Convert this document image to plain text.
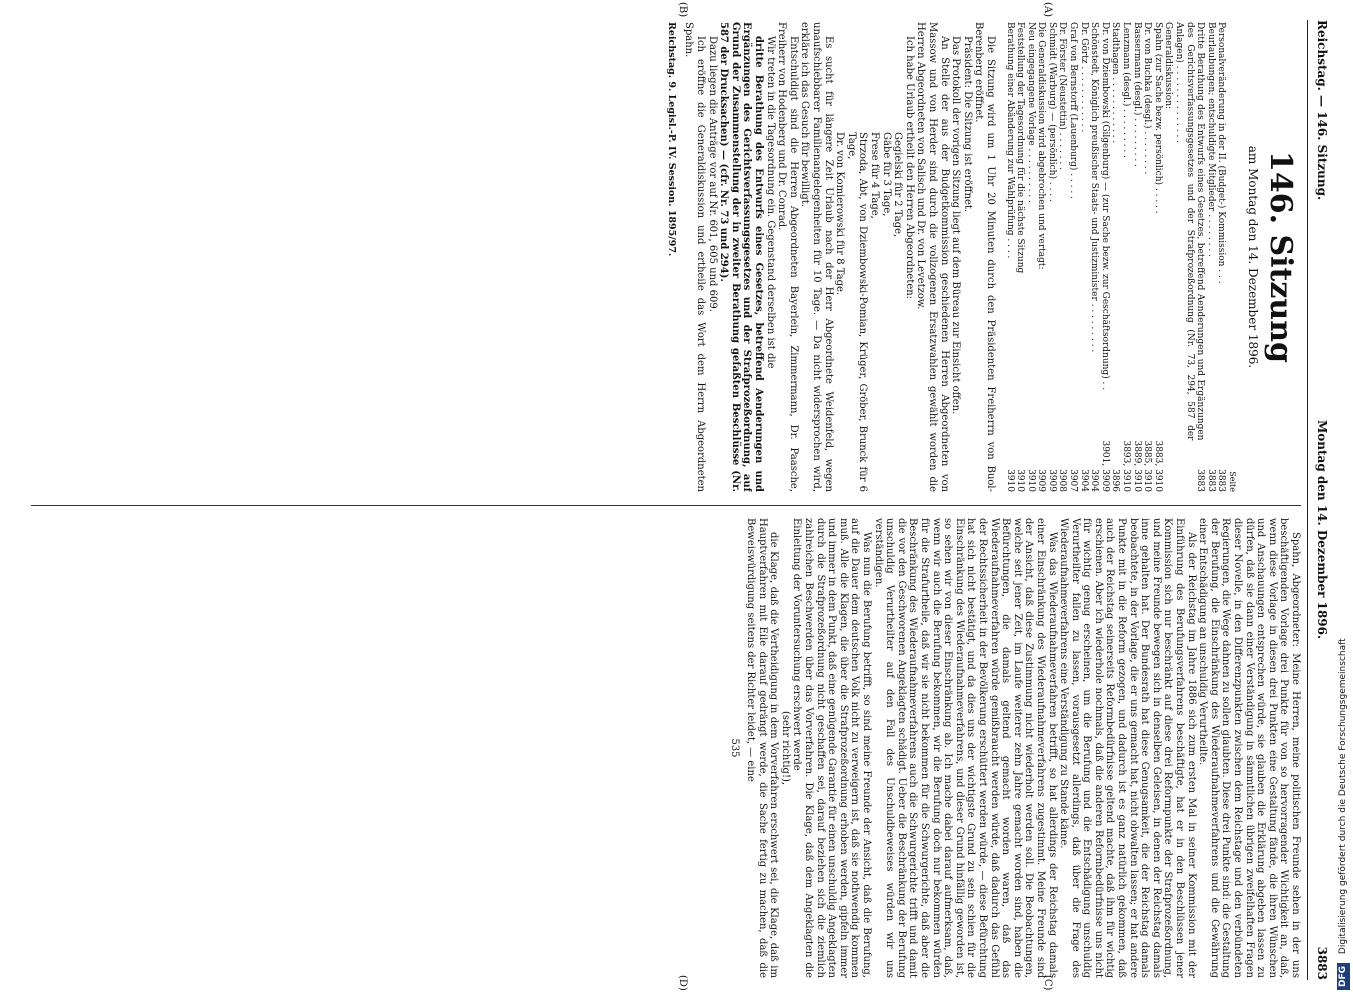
Reichstag. — 146. Sitzung.
Montag den 14. Dezember 1896.
3883
(A)
(B)
(C)
(D)
146. Sitzung
am Montag den 14. Dezember 1896.
Seite
Personalveränderung in der II. (Budget-) Kommission . . .	3883
Beurlaubungen; entschuldigte Mitglieder . . . . . . . .	3883
Dritte Berathung des Entwurfs eines Gesetzes, betreffend Aenderungen und Ergänzungen des Gerichtsverfassungsgesetzes und der Strafprozeßordnung (Nr. 73, 294, 587 der Anlagen) . . . . . . . . . . . . . .	3883
Generaldiskussion:	
Spahn (zur Sache bezw. persönlich) . . . . .	3883, 3910
Dr. von Buchka (desgl.) . . . . . . . .	3885, 3910
Bassermann (desgl.) . . . . . . . . .	3889, 3910
Lenzmann (desgl.) . . . . . . . . .	3893, 3910
Stadthagen . . . . . . . . . . . .	3896
Dr. von Dziembowski (Gilgenburg) — (zur Sache bezw. zur Geschäftsordnung) . .	3901, 3909
Schönstedt, Königlich preußischer Staats- und Justizminister . . . . . . . . .	3904
Dr. Görtz . . . . . . . . . . . .	3904
Graf von Bernstorff (Lauenburg) . . . . .	3907
Dr. Förster (Neustettin) . . . . . . .	3908
Schmidt (Warburg) — (persönlich) . . . .	3909
Die Generaldiskussion wird abgebrochen und vertagt:	3909
Neu eingegangene Vorlage . . . . . . . . . .	3910
Feststellung der Tagesordnung für die nächste Sitzung	3910
Berathung einer Abänderung zur Wahlprüfung . . . .	3910

Die Sitzung wird um 1 Uhr 20 Minuten durch den Präsidenten Freiherrn von Buol-Berenberg eröffnet.

Präsident: Die Sitzung ist eröffnet.

Das Protokoll der vorigen Sitzung liegt auf dem Büreau zur Einsicht offen.

An Stelle der aus der Budgetkommission geschiedenen Herren Abgeordneten von Massow und von Herder sind durch die vollzogenen Ersatzwahlen gewählt worden die Herren Abgeordneten von Salisch und Dr. von Levetzow.

Ich habe Urlaub ertheilt den Herren Abgeordneten:

Gegielski für 2 Tage,

Gäbe für 3 Tage,

Frese für 4 Tage,

Strzoda, Abt, von Dziembowski-Pomian, Krüger, Gröber, Brunck für 6 Tage,

Dr. von Komierowski für 8 Tage.

Es sucht für längere Zeit Urlaub nach der Herr Abgeordnete Weidenfeld, wegen unaufschiebbarer Familienangelegenheiten für 10 Tage. — Da nicht widersprochen wird, erkläre ich das Gesuch für bewilligt.

Entschuldigt sind die Herren Abgeordneten Bayerlein, Zimmermann, Dr. Paasche, Freiherr von Hodenberg und Dr. Conrad.

Wir treten in die Tagesordnung ein. Gegenstand derselben ist die

dritte Berathung des Entwurfs eines Gesetzes, betreffend Aenderungen und Ergänzungen des Gerichtsverfassungsgesetzes und der Strafprozeßordnung, auf Grund der Zusammenstellung der in zweiter Berathung gefaßten Beschlüsse (Nr. 587 der Drucksachen) — (cfr. Nr. 73 und 294).

Dazu liegen die Anträge vor auf Nr. 601, 605 und 609.

Ich eröffne die Generaldiskussion und ertheile das Wort dem Herrn Abgeordneten Spahn.

Reichstag. 9. Legisl.-P. IV. Session. 1895/97.

Spahn, Abgeordneter: Meine Herren, meine politischen Freunde sehen in der uns beschäftigenden Vorlage drei Punkte für von so hervorragender Wichtigkeit an, daß, wenn diese Vorlage in diesen drei Punkten eine Gestaltung fände, die ihren Wünschen und Anschauungen entsprechen würde, sie glauben die Erklärung abgeben lassen zu dürfen, daß sie dann einer Verständigung in sämmtlichen übrigen zweifelhaften Fragen dieser Novelle, in den Differenzpunkten zwischen dem Reichstage und den verbündeten Regierungen, die Wege dahnen zu sollen glaubten. Diese drei Punkte sind: die Gestaltung der Berufung, die Einschränkung des Wiederaufnahmeverfahrens und die Gewährung einer Entschädigung an unschuldig Verurtheilte.

Als der Reichstag im Jahre 1886 sich zum ersten Mal in seiner Kommission mit der Einführung des Berufungsverfahrens beschäftigte, hat er in den Beschlüssen jener Kommission sich nur beschränkt auf diese drei Reformpunkte der Strafprozeßordnung, und meine Freunde bewegen sich in denselben Geleisen, in denen der Reichstag damals inne gehalten hat. Der Bundesrath hat diese Genugsamkeit, die der Reichstag damals beobachtete, in der Vorlage, die er uns gemacht hat, nicht obwalten lassen; er hat andere Punkte mit in die Reform gezogen, und dadurch ist es ganz natürlich gekommen, daß auch der Reichstag seinerseits Reformbedürfnisse geltend machte, daß ihm für wichtig erschienen. Aber ich wiederhole nochmals, daß die anderen Reformbedürfnisse uns nicht für wichtig genug erscheinen, um die Berufung und die Entschädigung unschuldig Verurtheilter fallen zu lassen, vorausgesetzt allerdings, daß über die Frage des Wiederaufnahmeverfahrens eine Verständigung zu Stande käme.

Was das Wiederaufnahmeverfahren betrifft, so hat allerdings der Reichstag damals einer Einschränkung des Wiederaufnahmeverfahrens zugestimmt. Meine Freunde sind der Ansicht, daß diese Zustimmung nicht wiederholt werden soll. Die Beobachtungen, welche seit jener Zeit, im Laufe weiterer zehn Jahre gemacht worden sind, haben die Befürchtungen, die damals geltend gemacht worden waren, daß das Wiederaufnahmeverfahren würde gemißbraucht werden würde, daß dadurch das Gefühl der Rechtssicherheit in der Bevölkerung erschüttert werden würde, — diese Befürchtung hat sich nicht bestätigt, und da dies uns der wichtigste Grund zu sein schien für die Einschränkung des Wiederaufnahmeverfahrens, und dieser Grund hinfällig geworden ist, so sehen wir von dieser Einschränkung ab. Ich mache dabei darauf aufmerksam, daß, wenn wir auch die Berufung bekommen, wir die Berufung doch nur bekommen würden für die Strafurtheile, daß wir sie nicht bekommen für die Schwurgerichte, daß aber die Beschränkung des Wiederaufnahmeverfahrens auch die Schwurgerichte trifft und damit die vor den Geschworenen Angeklagten schädigt. Ueber die Beschränkung der Berufung unschuldig Verurtheilter auf den Fall des Unschuldbeweises würden wir uns verständigen.

Was nun die Berufung betrifft, so sind meine Freunde der Ansicht, daß die Berufung, auf die Dauer dem deutschen Volk nicht zu verweigern ist, daß sie nothwendig kommen muß. Alle die Klagen, die über die Strafprozeßordnung erhoben werden, gipfeln immer und immer in dem Punkt, daß eine genügende Garantie für einen unschuldig Angeklagten durch die Strafprozeßordnung nicht geschaffen sei, darauf beziehen sich die ziemlich zahlreichen Beschwerden über das Vorverfahren. Die Klage, daß dem Angeklagten die Einleitung der Voruntersuchung erschwert werde

(sehr richtig!),

die Klage, daß die Vertheidigung in dem Vorverfahren erschwert sei, die Klage, daß im Hauptverfahren mit Eile darauf gedrängt werde, die Sache fertig zu machen, daß die Beweiswürdigung seitens der Richter leidet, — eine

535

DFG Digitalisierung gefördert durch die Deutsche Forschungsgemeinschaft
